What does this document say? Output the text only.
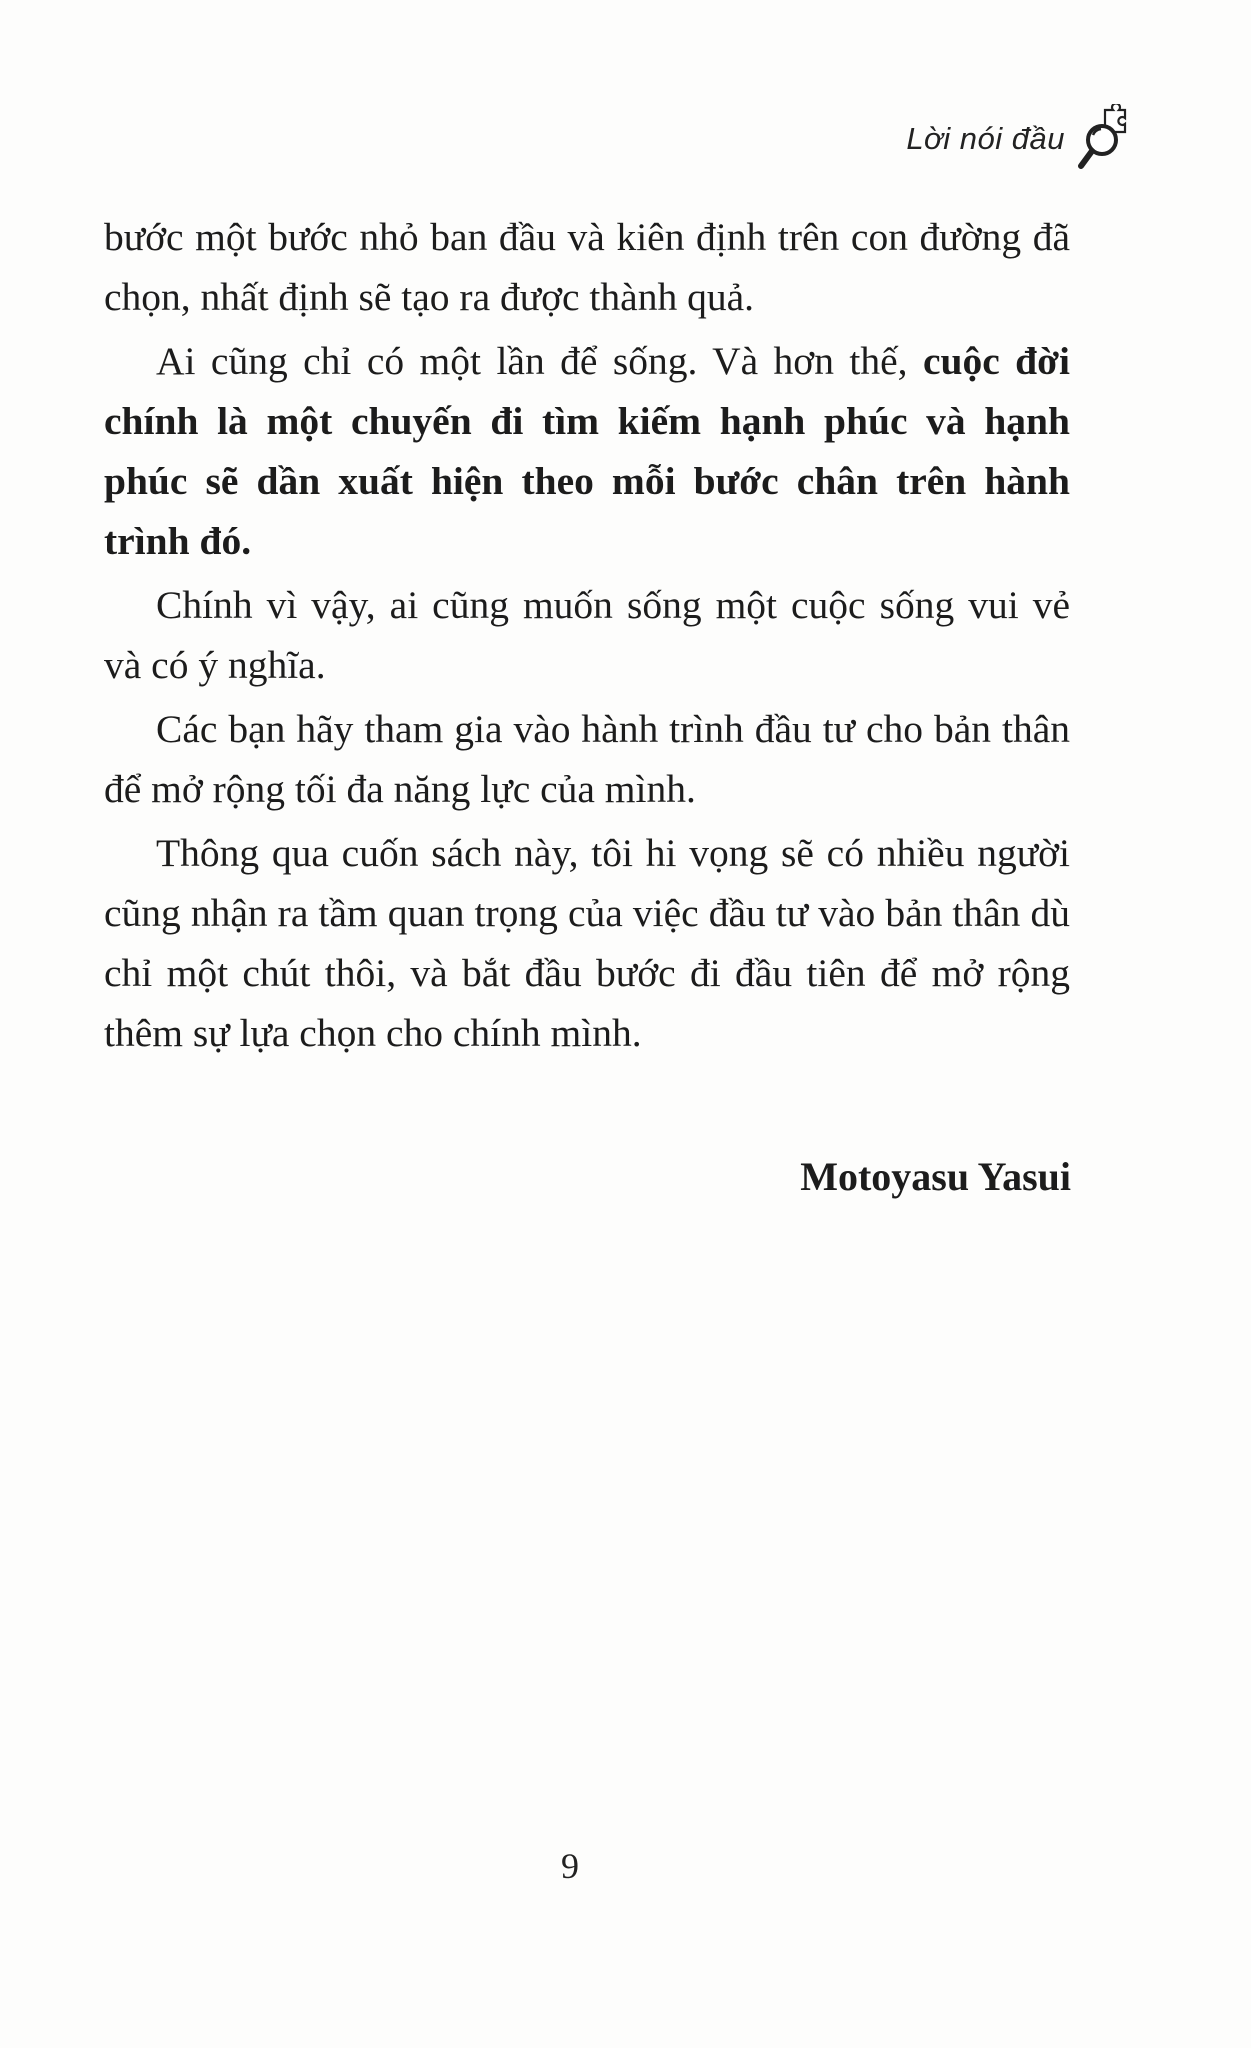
Lời nói đầu

bước một bước nhỏ ban đầu và kiên định trên con đường đã chọn, nhất định sẽ tạo ra được thành quả.

Ai cũng chỉ có một lần để sống. Và hơn thế, cuộc đời chính là một chuyến đi tìm kiếm hạnh phúc và hạnh phúc sẽ dần xuất hiện theo mỗi bước chân trên hành trình đó.

Chính vì vậy, ai cũng muốn sống một cuộc sống vui vẻ và có ý nghĩa.

Các bạn hãy tham gia vào hành trình đầu tư cho bản thân để mở rộng tối đa năng lực của mình.

Thông qua cuốn sách này, tôi hi vọng sẽ có nhiều người cũng nhận ra tầm quan trọng của việc đầu tư vào bản thân dù chỉ một chút thôi, và bắt đầu bước đi đầu tiên để mở rộng thêm sự lựa chọn cho chính mình.

Motoyasu Yasui
9
